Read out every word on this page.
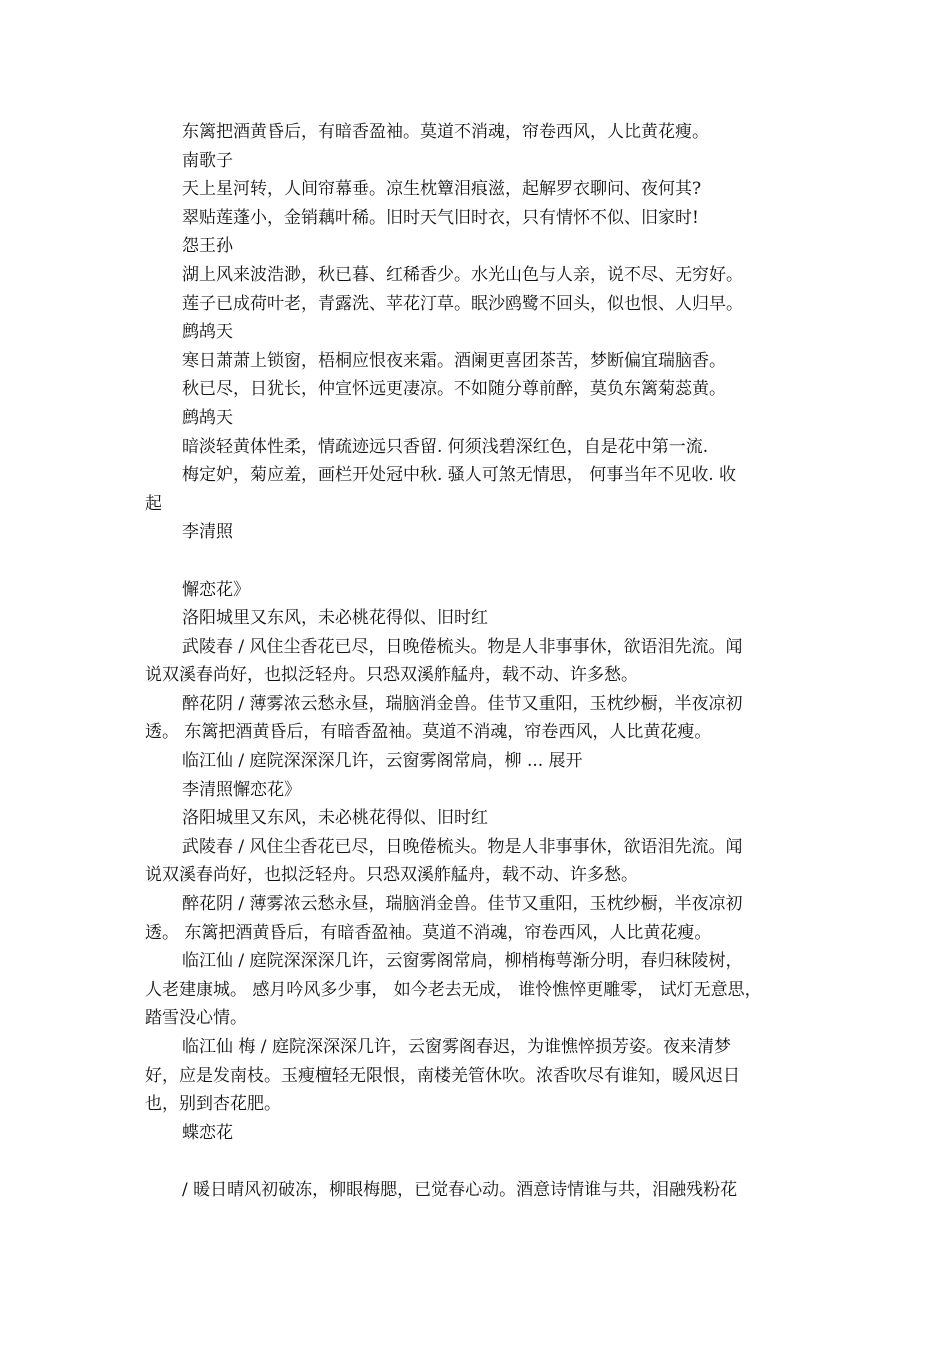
东篱把酒黄昏后，有暗香盈袖。莫道不消魂，帘卷西风，人比黄花瘦。
南歌子
天上星河转，人间帘幕垂。凉生枕簟泪痕滋，起解罗衣聊问、夜何其?
翠贴莲蓬小，金销藕叶稀。旧时天气旧时衣，只有情怀不似、旧家时!
怨王孙
湖上风来波浩渺，秋已暮、红稀香少。水光山色与人亲，说不尽、无穷好。
莲子已成荷叶老，青露洗、苹花汀草。眠沙鸥鹭不回头，似也恨、人归早。
鹧鸪天
寒日萧萧上锁窗，梧桐应恨夜来霜。酒阑更喜团茶苦，梦断偏宜瑞脑香。
秋已尽，日犹长，仲宣怀远更凄凉。不如随分尊前醉，莫负东篱菊蕊黄。
鹧鸪天
暗淡轻黄体性柔，情疏迹远只香留. 何须浅碧深红色，自是花中第一流.
梅定妒，菊应羞，画栏开处冠中秋. 骚人可煞无情思， 何事当年不见收. 收
起
李清照
懈恋花》
洛阳城里又东风，未必桃花得似、旧时红
武陵春 / 风住尘香花已尽，日晚倦梳头。物是人非事事休，欲语泪先流。闻
说双溪春尚好，也拟泛轻舟。只恐双溪舴艋舟，载不动、许多愁。
醉花阴 / 薄雾浓云愁永昼，瑞脑消金兽。佳节又重阳，玉枕纱橱，半夜凉初
透。 东篱把酒黄昏后，有暗香盈袖。莫道不消魂，帘卷西风，人比黄花瘦。
临江仙 / 庭院深深深几许，云窗雾阁常扃，柳 ... 展开
李清照懈恋花》
洛阳城里又东风，未必桃花得似、旧时红
武陵春 / 风住尘香花已尽，日晚倦梳头。物是人非事事休，欲语泪先流。闻
说双溪春尚好，也拟泛轻舟。只恐双溪舴艋舟，载不动、许多愁。
醉花阴 / 薄雾浓云愁永昼，瑞脑消金兽。佳节又重阳，玉枕纱橱，半夜凉初
透。 东篱把酒黄昏后，有暗香盈袖。莫道不消魂，帘卷西风，人比黄花瘦。
临江仙 / 庭院深深深几许，云窗雾阁常扃，柳梢梅萼渐分明，春归秣陵树，
人老建康城。 感月吟风多少事， 如今老去无成， 谁怜憔悴更雕零， 试灯无意思，
踏雪没心情。
临江仙 梅 / 庭院深深深几许，云窗雾阁春迟，为谁憔悴损芳姿。夜来清梦
好，应是发南枝。玉瘦檀轻无限恨，南楼羌管休吹。浓香吹尽有谁知，暖风迟日
也，别到杏花肥。
蝶恋花
/ 暖日晴风初破冻，柳眼梅腮，已觉春心动。酒意诗情谁与共，泪融残粉花
